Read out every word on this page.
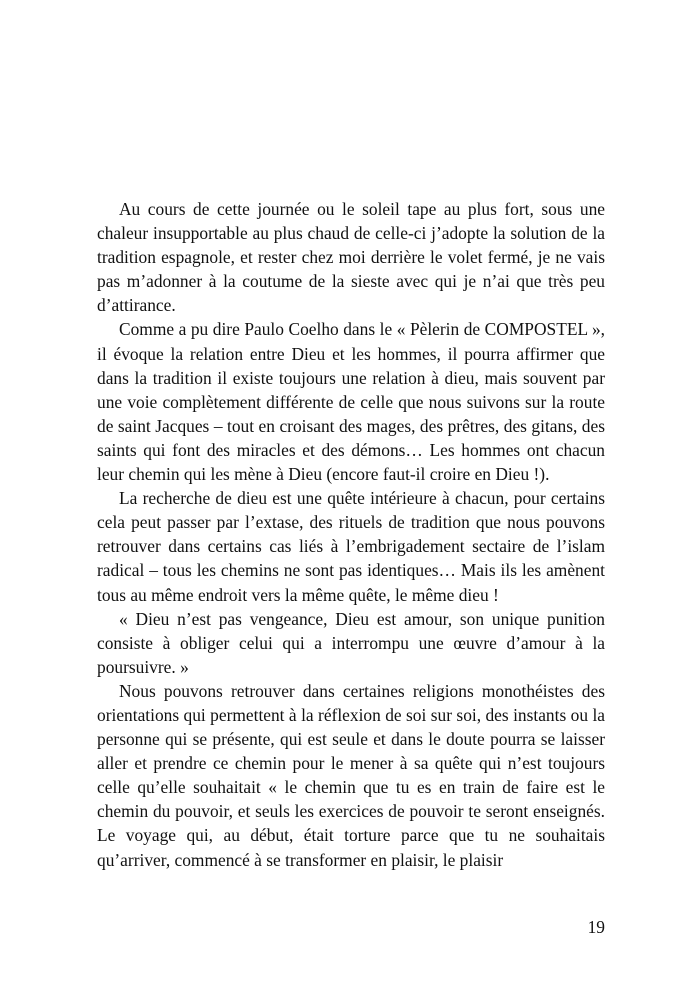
Au cours de cette journée ou le soleil tape au plus fort, sous une chaleur insupportable au plus chaud de celle-ci j’adopte la solution de la tradition espagnole, et rester chez moi derrière le volet fermé, je ne vais pas m’adonner à la coutume de la sieste avec qui je n’ai que très peu d’attirance.

Comme a pu dire Paulo Coelho dans le « Pèlerin de COMPOSTEL », il évoque la relation entre Dieu et les hommes, il pourra affirmer que dans la tradition il existe toujours une relation à dieu, mais souvent par une voie complètement différente de celle que nous suivons sur la route de saint Jacques – tout en croisant des mages, des prêtres, des gitans, des saints qui font des miracles et des démons… Les hommes ont chacun leur chemin qui les mène à Dieu (encore faut-il croire en Dieu !).

La recherche de dieu est une quête intérieure à chacun, pour certains cela peut passer par l’extase, des rituels de tradition que nous pouvons retrouver dans certains cas liés à l’embrigadement sectaire de l’islam radical – tous les chemins ne sont pas identiques… Mais ils les amènent tous au même endroit vers la même quête, le même dieu !

« Dieu n’est pas vengeance, Dieu est amour, son unique punition consiste à obliger celui qui a interrompu une œuvre d’amour à la poursuivre. »

Nous pouvons retrouver dans certaines religions monothéistes des orientations qui permettent à la réflexion de soi sur soi, des instants ou la personne qui se présente, qui est seule et dans le doute pourra se laisser aller et prendre ce chemin pour le mener à sa quête qui n’est toujours celle qu’elle souhaitait « le chemin que tu es en train de faire est le chemin du pouvoir, et seuls les exercices de pouvoir te seront enseignés. Le voyage qui, au début, était torture parce que tu ne souhaitais qu’arriver, commencé à se transformer en plaisir, le plaisir

19
